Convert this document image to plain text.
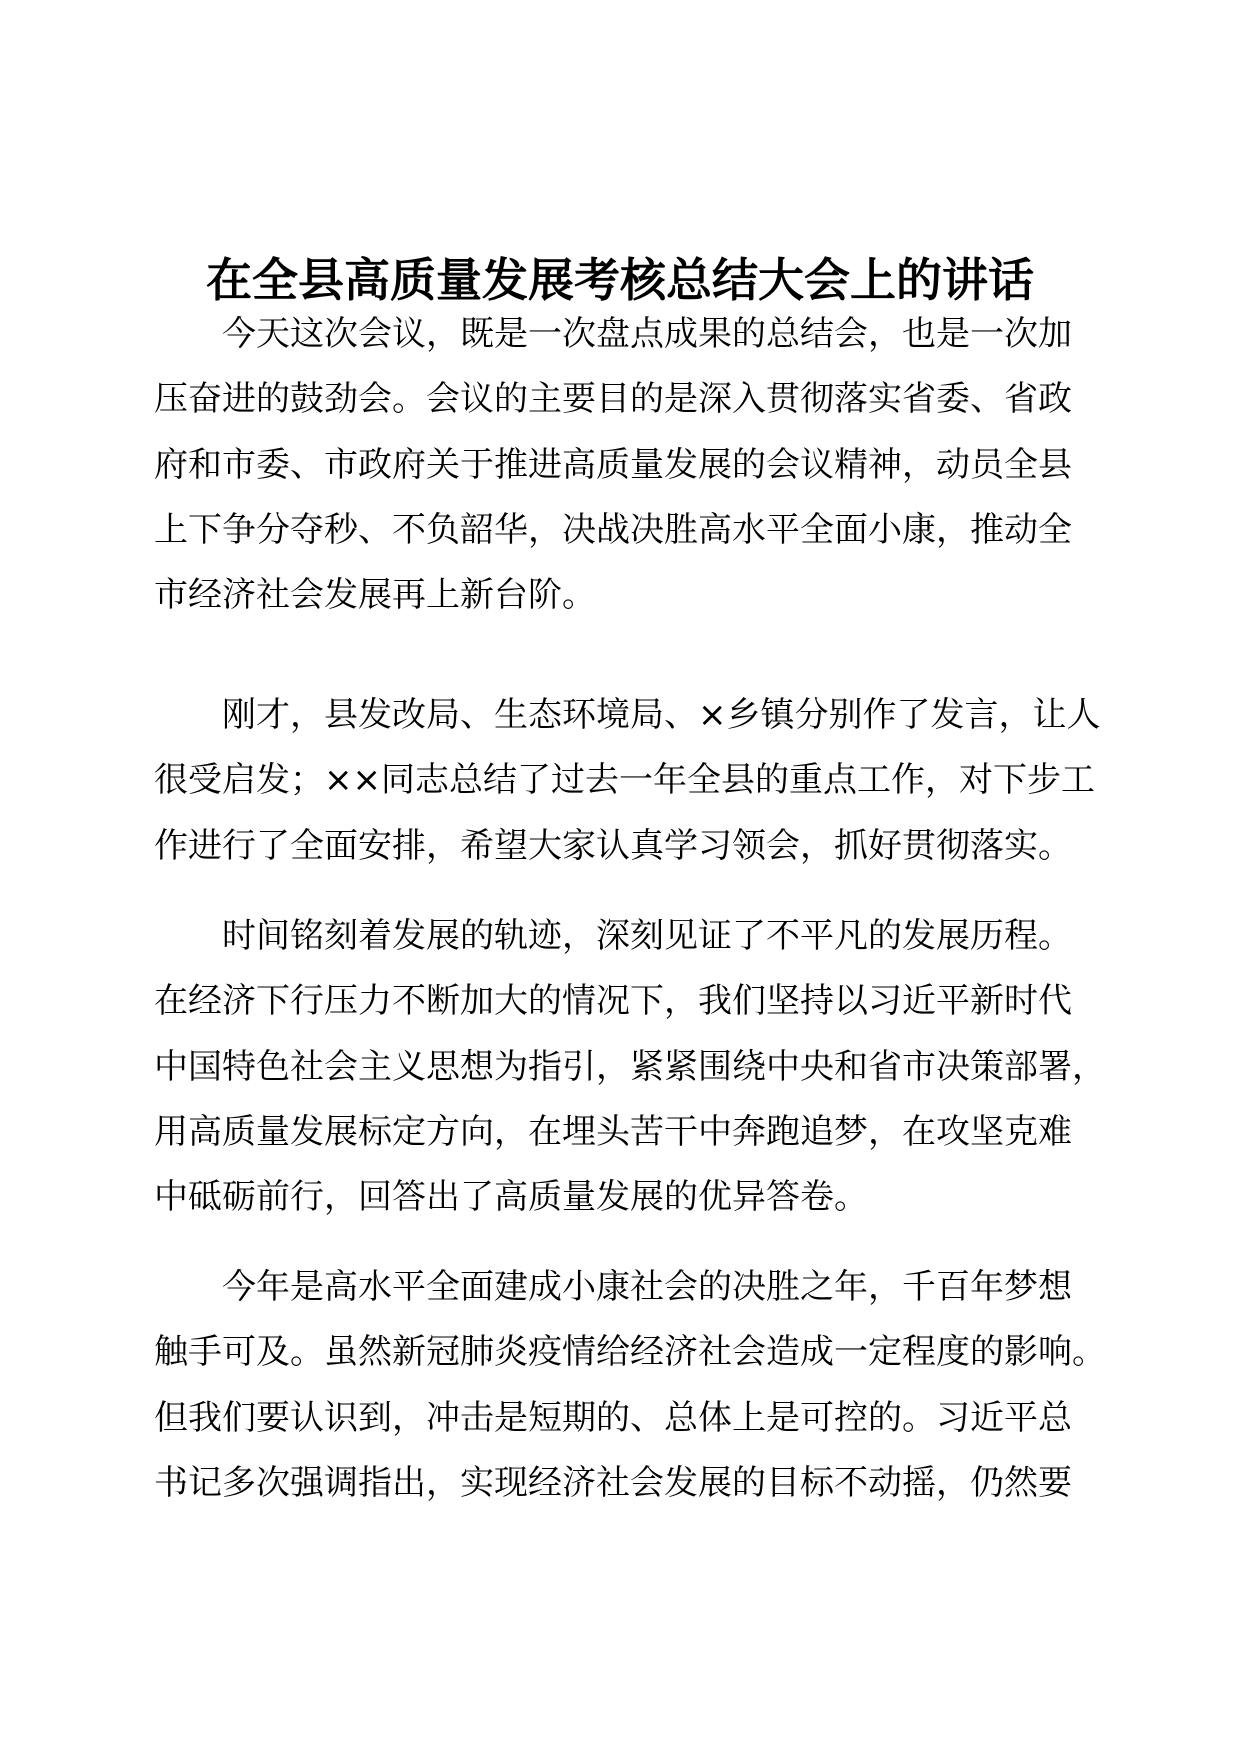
在全县高质量发展考核总结大会上的讲话
今天这次会议，既是一次盘点成果的总结会，也是一次加
压奋进的鼓劲会。会议的主要目的是深入贯彻落实省委、省政
府和市委、市政府关于推进高质量发展的会议精神，动员全县
上下争分夺秒、不负韶华，决战决胜高水平全面小康，推动全
市经济社会发展再上新台阶。
刚才，县发改局、生态环境局、×乡镇分别作了发言，让人
很受启发；××同志总结了过去一年全县的重点工作，对下步工
作进行了全面安排，希望大家认真学习领会，抓好贯彻落实。
时间铭刻着发展的轨迹，深刻见证了不平凡的发展历程。
在经济下行压力不断加大的情况下，我们坚持以习近平新时代
中国特色社会主义思想为指引，紧紧围绕中央和省市决策部署，
用高质量发展标定方向，在埋头苦干中奔跑追梦，在攻坚克难
中砥砺前行，回答出了高质量发展的优异答卷。
今年是高水平全面建成小康社会的决胜之年，千百年梦想
触手可及。虽然新冠肺炎疫情给经济社会造成一定程度的影响。
但我们要认识到，冲击是短期的、总体上是可控的。习近平总
书记多次强调指出，实现经济社会发展的目标不动摇，仍然要
